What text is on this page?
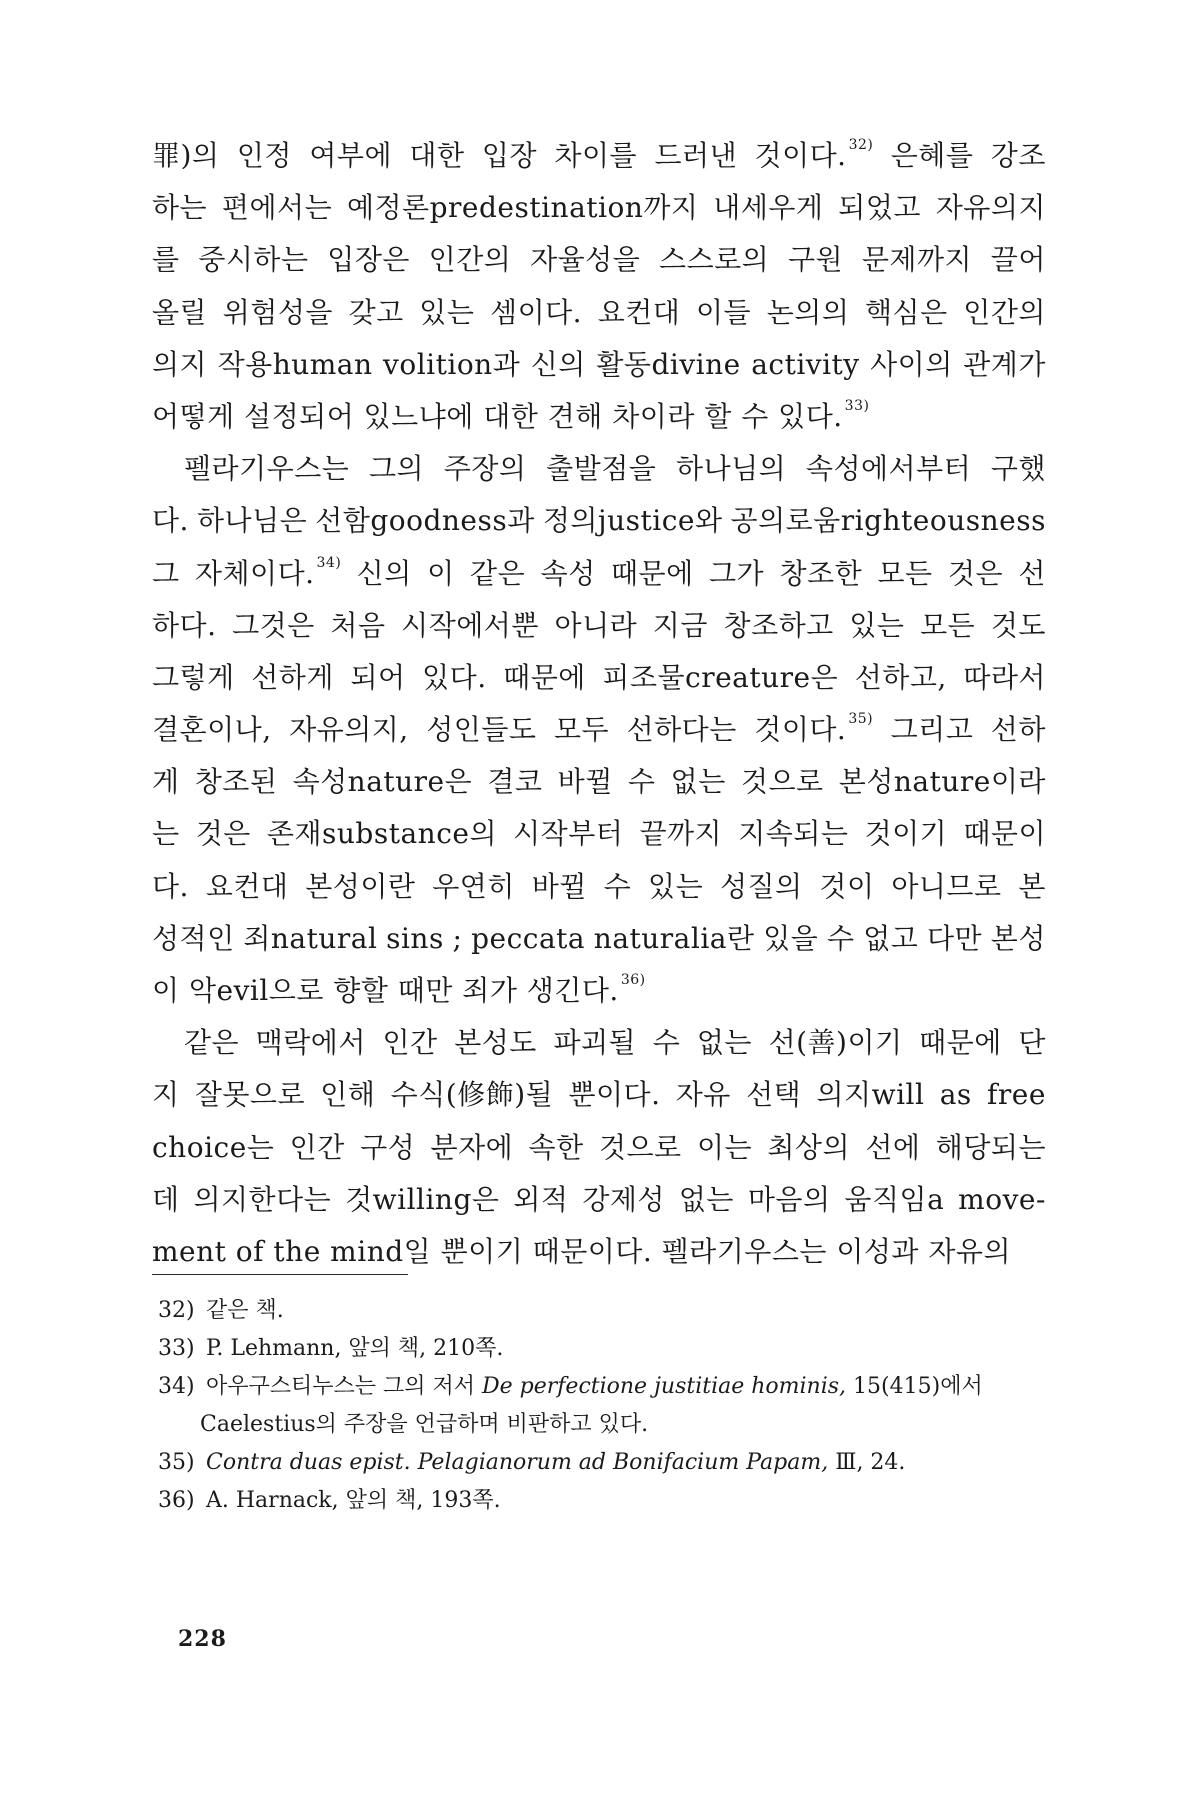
罪)의 인정 여부에 대한 입장 차이를 드러낸 것이다. $^{32)}$ 은혜를 강조
하는 편에서는 예정론predestination까지 내세우게 되었고 자유의지
를 중시하는 입장은 인간의 자율성을 스스로의 구원 문제까지 끌어
올릴 위험성을 갖고 있는 셈이다. 요컨대 이들 논의의 핵심은 인간의
의지 작용human volition과 신의 활동divine activity 사이의 관계가
어떻게 설정되어 있느냐에 대한 견해 차이라 할 수 있다.$^{33)}$
펠라기우스는 그의 주장의 출발점을 하나님의 속성에서부터 구했
다. 하나님은 선함goodness과 정의justice와 공의로움righteousness
그 자체이다. $^{34)}$ 신의 이 같은 속성 때문에 그가 창조한 모든 것은 선
하다. 그것은 처음 시작에서뿐 아니라 지금 창조하고 있는 모든 것도
그렇게 선하게 되어 있다. 때문에 피조물creature은 선하고, 따라서
결혼이나, 자유의지, 성인들도 모두 선하다는 것이다. $^{35)}$ 그리고 선하
게 창조된 속성nature은 결코 바뀔 수 없는 것으로 본성nature이라
는 것은 존재substance의 시작부터 끝까지 지속되는 것이기 때문이
다. 요컨대 본성이란 우연히 바뀔 수 있는 성질의 것이 아니므로 본
성적인 죄natural sins ; peccata naturalia란 있을 수 없고 다만 본성
이 악evil으로 향할 때만 죄가 생긴다.$^{36)}$
같은 맥락에서 인간 본성도 파괴될 수 없는 선(善)이기 때문에 단
지 잘못으로 인해 수식(修飾)될 뿐이다. 자유 선택 의지will as free
choice는 인간 구성 분자에 속한 것으로 이는 최상의 선에 해당되는
데 의지한다는 것willing은 외적 강제성 없는 마음의 움직임a move-
ment of the mind일 뿐이기 때문이다. 펠라기우스는 이성과 자유의
32) 같은 책.
33) P. Lehmann, 앞의 책, 210쪽.
34) 아우구스티누스는 그의 저서 De perfectione justitiae hominis, 15(415)에서
Caelestius의 주장을 언급하며 비판하고 있다.
35) Contra duas epist. Pelagianorum ad Bonifacium Papam, Ⅲ, 24.
36) A. Harnack, 앞의 책, 193쪽.
228
